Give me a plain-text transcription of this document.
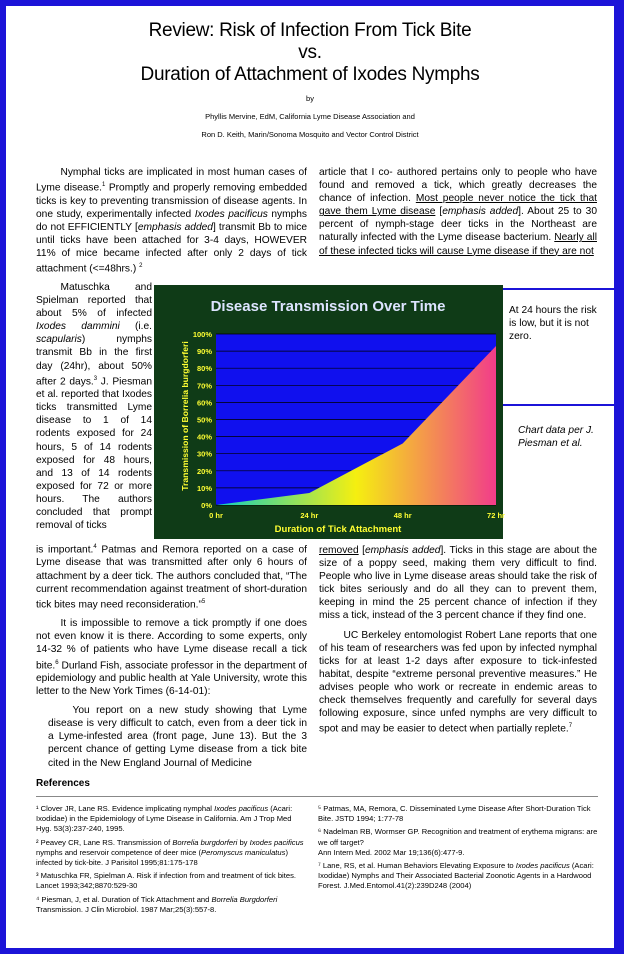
Review: Risk of Infection From Tick Bite
vs.
Duration of Attachment of Ixodes Nymphs
by
Phyllis Mervine, EdM, California Lyme Disease Association and
Ron D. Keith, Marin/Sonoma Mosquito and Vector Control District

Nymphal ticks are implicated in most human cases of Lyme disease.$^1$ Promptly and properly removing embedded ticks is key to preventing transmission of disease agents. In one study, experimentally infected Ixodes pacificus nymphs do not EFFICIENTLY [emphasis added] transmit Bb to mice until ticks have been attached for 3-4 days, HOWEVER 11% of mice became infected after only 2 days of tick attachment (<=48hrs.) $^2$

Matuschka and Spielman reported that about 5% of infected Ixodes dammini (i.e. scapularis) nymphs transmit Bb in the first day (24hr), about 50% after 2 days.$^3$ J. Piesman et al. reported that Ixodes ticks transmitted Lyme disease to 1 of 14 rodents exposed for 24 hours, 5 of 14 rodents exposed for 48 hours, and 13 of 14 rodents exposed for 72 or more hours. The authors concluded that prompt removal of ticks

is important.$^4$ Patmas and Remora reported on a case of Lyme disease that was transmitted after only 6 hours of attachment by a deer tick. The authors concluded that, “The current recommendation against treatment of short-duration tick bites may need reconsideration.”$^5$

It is impossible to remove a tick promptly if one does not even know it is there. According to some experts, only 14-32 % of patients who have Lyme disease recall a tick bite.$^6$ Durland Fish, associate professor in the department of epidemiology and public health at Yale University, wrote this letter to the New York Times (6-14-01):

You report on a new study showing that Lyme disease is very difficult to catch, even from a deer tick in a Lyme-infested area (front page, June 13). But the 3 percent chance of getting Lyme disease from a tick bite cited in the New England Journal of Medicine

article that I co- authored pertains only to people who have found and removed a tick, which greatly decreases the chance of infection. Most people never notice the tick that gave them Lyme disease [emphasis added]. About 25 to 30 percent of nymph-stage deer ticks in the Northeast are naturally infected with the Lyme disease bacterium. Nearly all of these infected ticks will cause Lyme disease if they are not

At 24 hours the risk is low, but it is not zero.
Chart data per J. Piesman et al.
Disease Transmission Over Time
0%
10%
20%
30%
40%
50%
60%
70%
80%
90%
100%
0 hr	24 hr	48 hr	72 hr
Duration of Tick Attachment
Transmission of Borrelia burgdorferi

removed [emphasis added]. Ticks in this stage are about the size of a poppy seed, making them very difficult to find. People who live in Lyme disease areas should take the risk of tick bites seriously and do all they can to prevent them, keeping in mind the 25 percent chance of infection if they miss a tick, instead of the 3 percent chance if they find one.

UC Berkeley entomologist Robert Lane reports that one of his team of researchers was fed upon by infected nymphal ticks for at least 1-2 days after exposure to tick-infested habitat, despite “extreme personal preventive measures.” He advises people who work or recreate in endemic areas to check themselves frequently and carefully for several days following exposure, since unfed nymphs are very difficult to spot and may be easier to detect when partially replete.$^7$

References

¹ Clover JR, Lane RS. Evidence implicating nymphal Ixodes pacificus (Acari: Ixodidae) in the Epidemiology of Lyme Disease in California. Am J Trop Med Hyg. 53(3):237-240, 1995.

² Peavey CR, Lane RS. Transmission of Borrelia burgdorferi by Ixodes pacificus nymphs and reservoir competence of deer mice (Peromyscus maniculatus) infected by tick-bite. J Parisitol 1995;81:175-178

³ Matuschka FR, Spielman A. Risk if infection from and treatment of tick bites. Lancet 1993;342;8870:529-30

⁴ Piesman, J, et al. Duration of Tick Attachment and Borrelia Burgdorferi Transmission. J Clin Microbiol. 1987 Mar;25(3):557-8.

⁵ Patmas, MA, Remora, C. Disseminated Lyme Disease After Short-Duration Tick Bite. JSTD 1994; 1:77-78

⁶ Nadelman RB, Wormser GP. Recognition and treatment of erythema migrans: are we off target?

Ann Intern Med. 2002 Mar 19;136(6):477-9.

⁷ Lane, RS, et al. Human Behaviors Elevating Exposure to Ixodes pacificus (Acari: Ixodidae) Nymphs and Their Associated Bacterial Zoonotic Agents in a Hardwood Forest. J.Med.Entomol.41(2):239D248 (2004)
